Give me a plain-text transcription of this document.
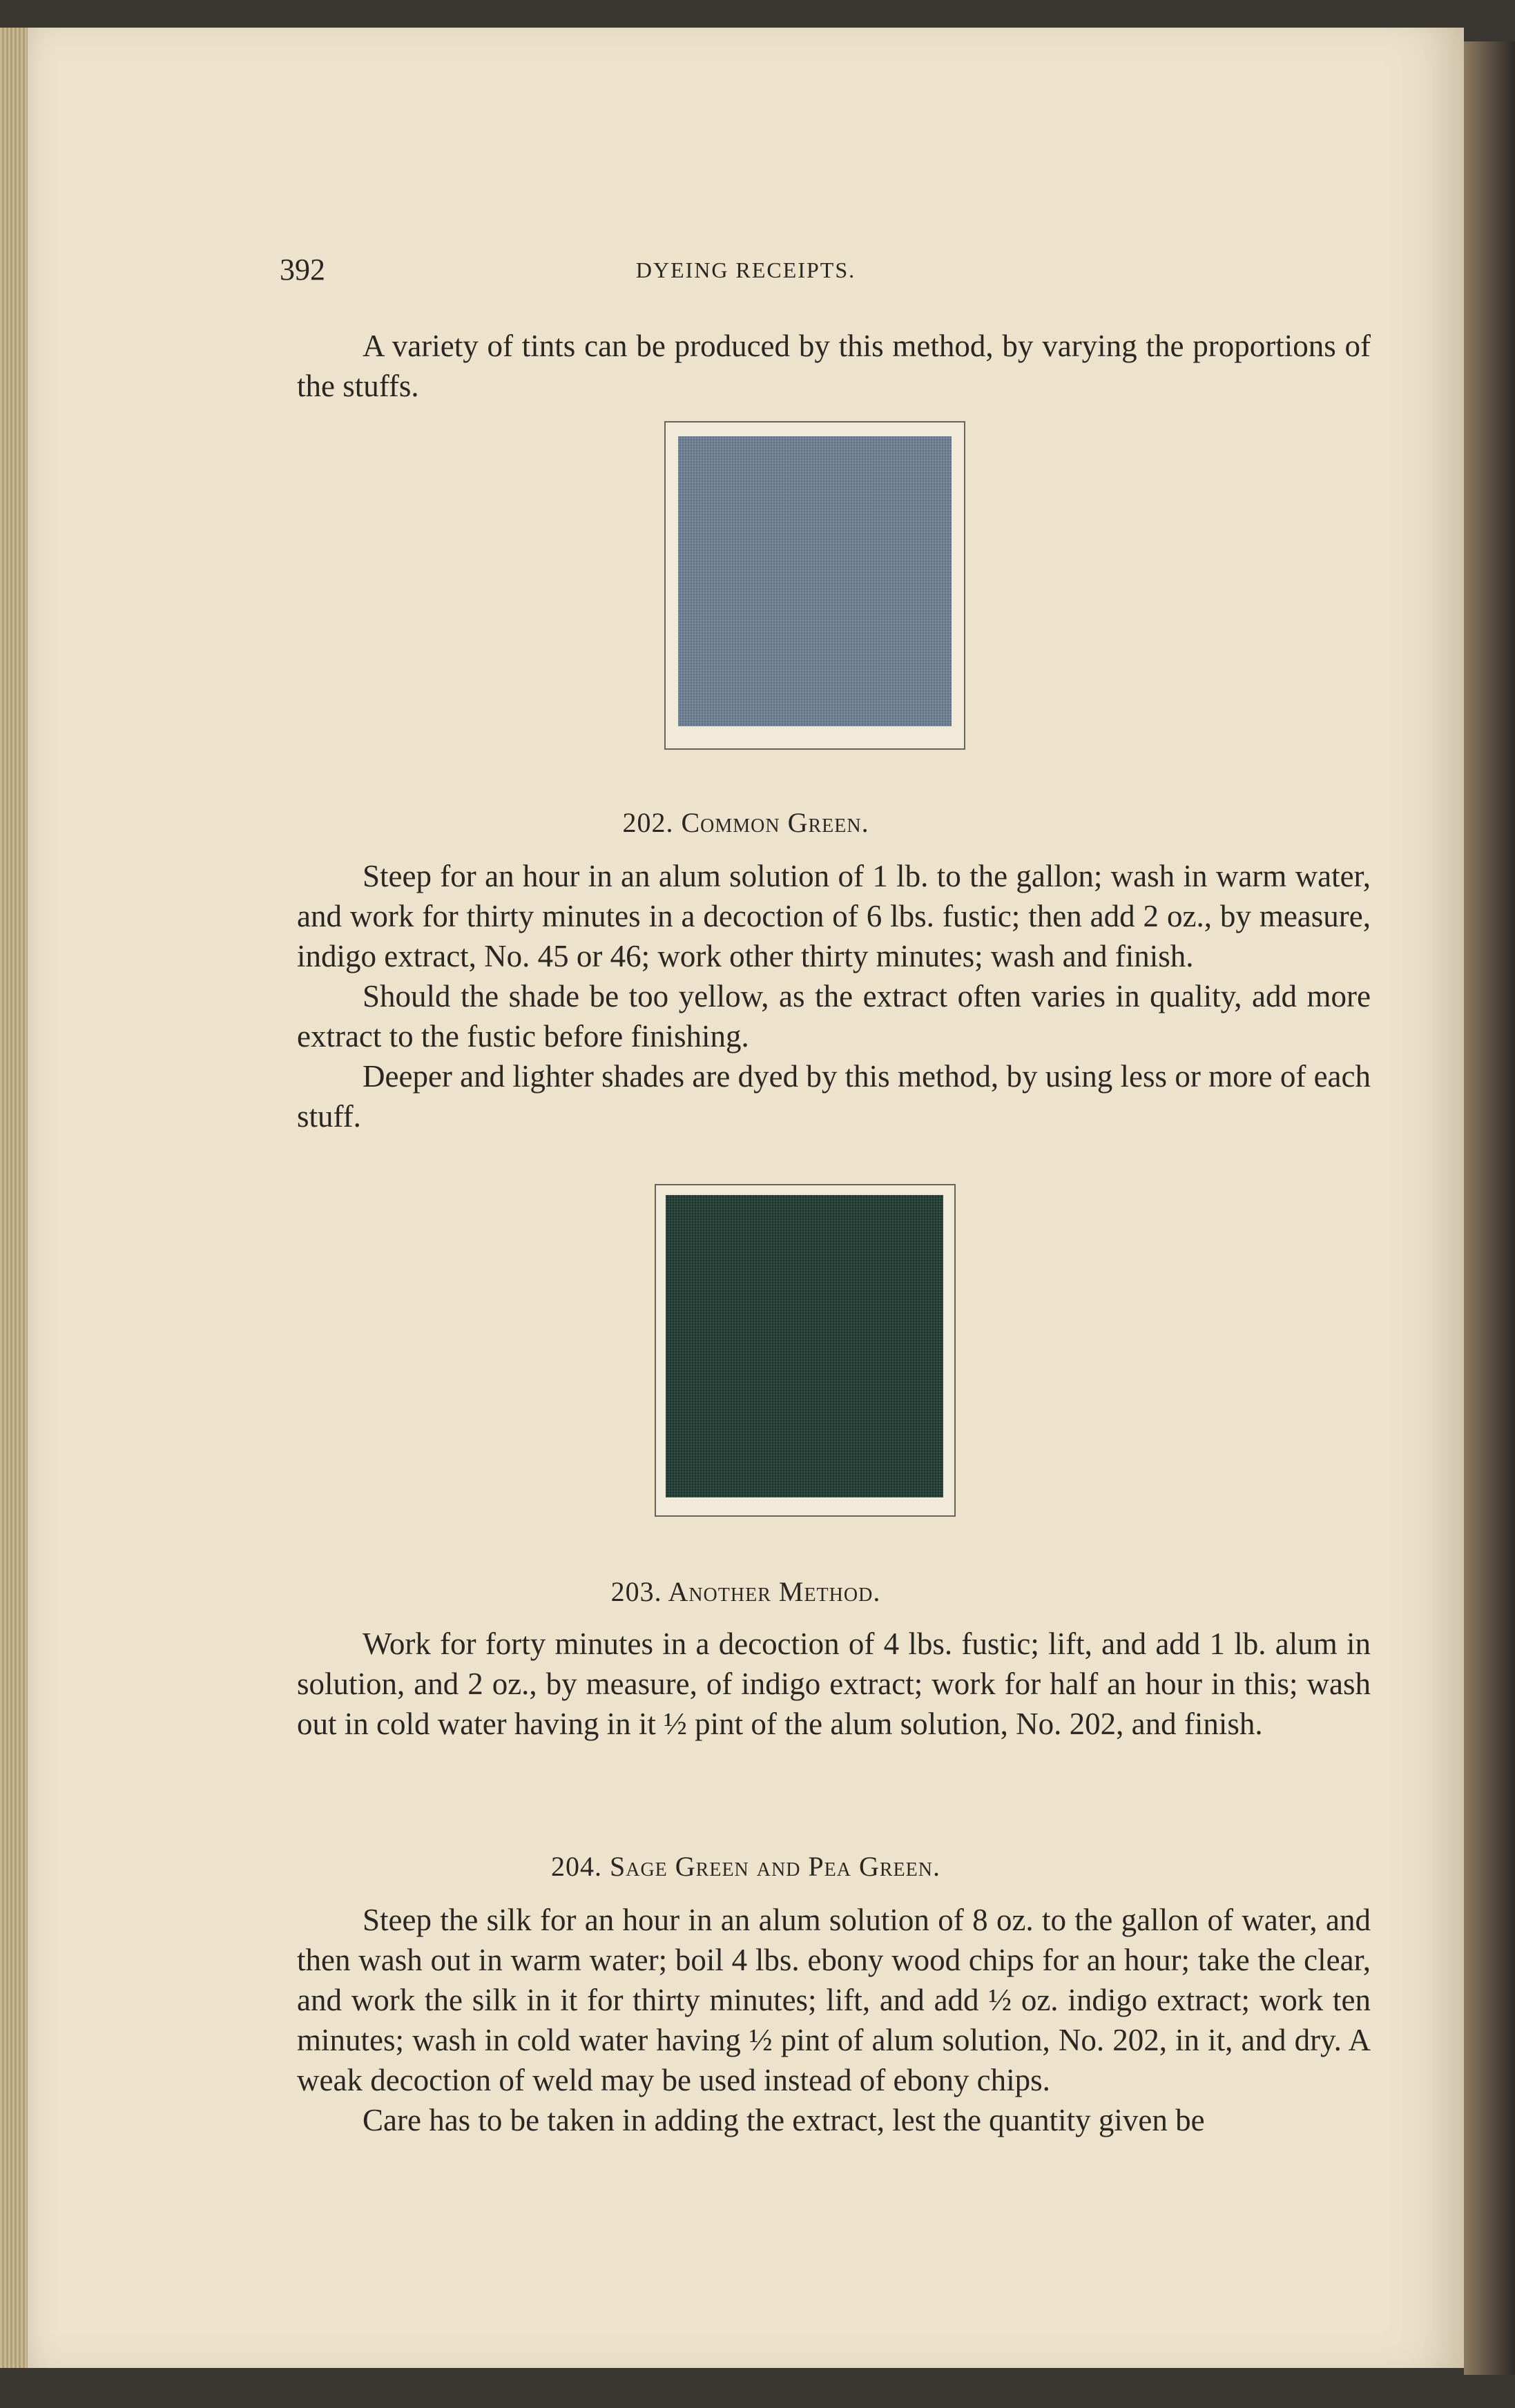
392	DYEING RECEIPTS.

A variety of tints can be produced by this method, by varying the proportions of the stuffs.

202. Common Green.

Steep for an hour in an alum solution of 1 lb. to the gallon; wash in warm water, and work for thirty minutes in a decoction of 6 lbs. fustic; then add 2 oz., by measure, indigo extract, No. 45 or 46; work other thirty minutes; wash and finish.

Should the shade be too yellow, as the extract often varies in quality, add more extract to the fustic before finishing.

Deeper and lighter shades are dyed by this method, by using less or more of each stuff.

203. Another Method.

Work for forty minutes in a decoction of 4 lbs. fustic; lift, and add 1 lb. alum in solution, and 2 oz., by measure, of indigo extract; work for half an hour in this; wash out in cold water having in it ½ pint of the alum solution, No. 202, and finish.

204. Sage Green and Pea Green.

Steep the silk for an hour in an alum solution of 8 oz. to the gallon of water, and then wash out in warm water; boil 4 lbs. ebony wood chips for an hour; take the clear, and work the silk in it for thirty minutes; lift, and add ½ oz. indigo extract; work ten minutes; wash in cold water having ½ pint of alum solution, No. 202, in it, and dry. A weak decoction of weld may be used instead of ebony chips.

Care has to be taken in adding the extract, lest the quantity given be
